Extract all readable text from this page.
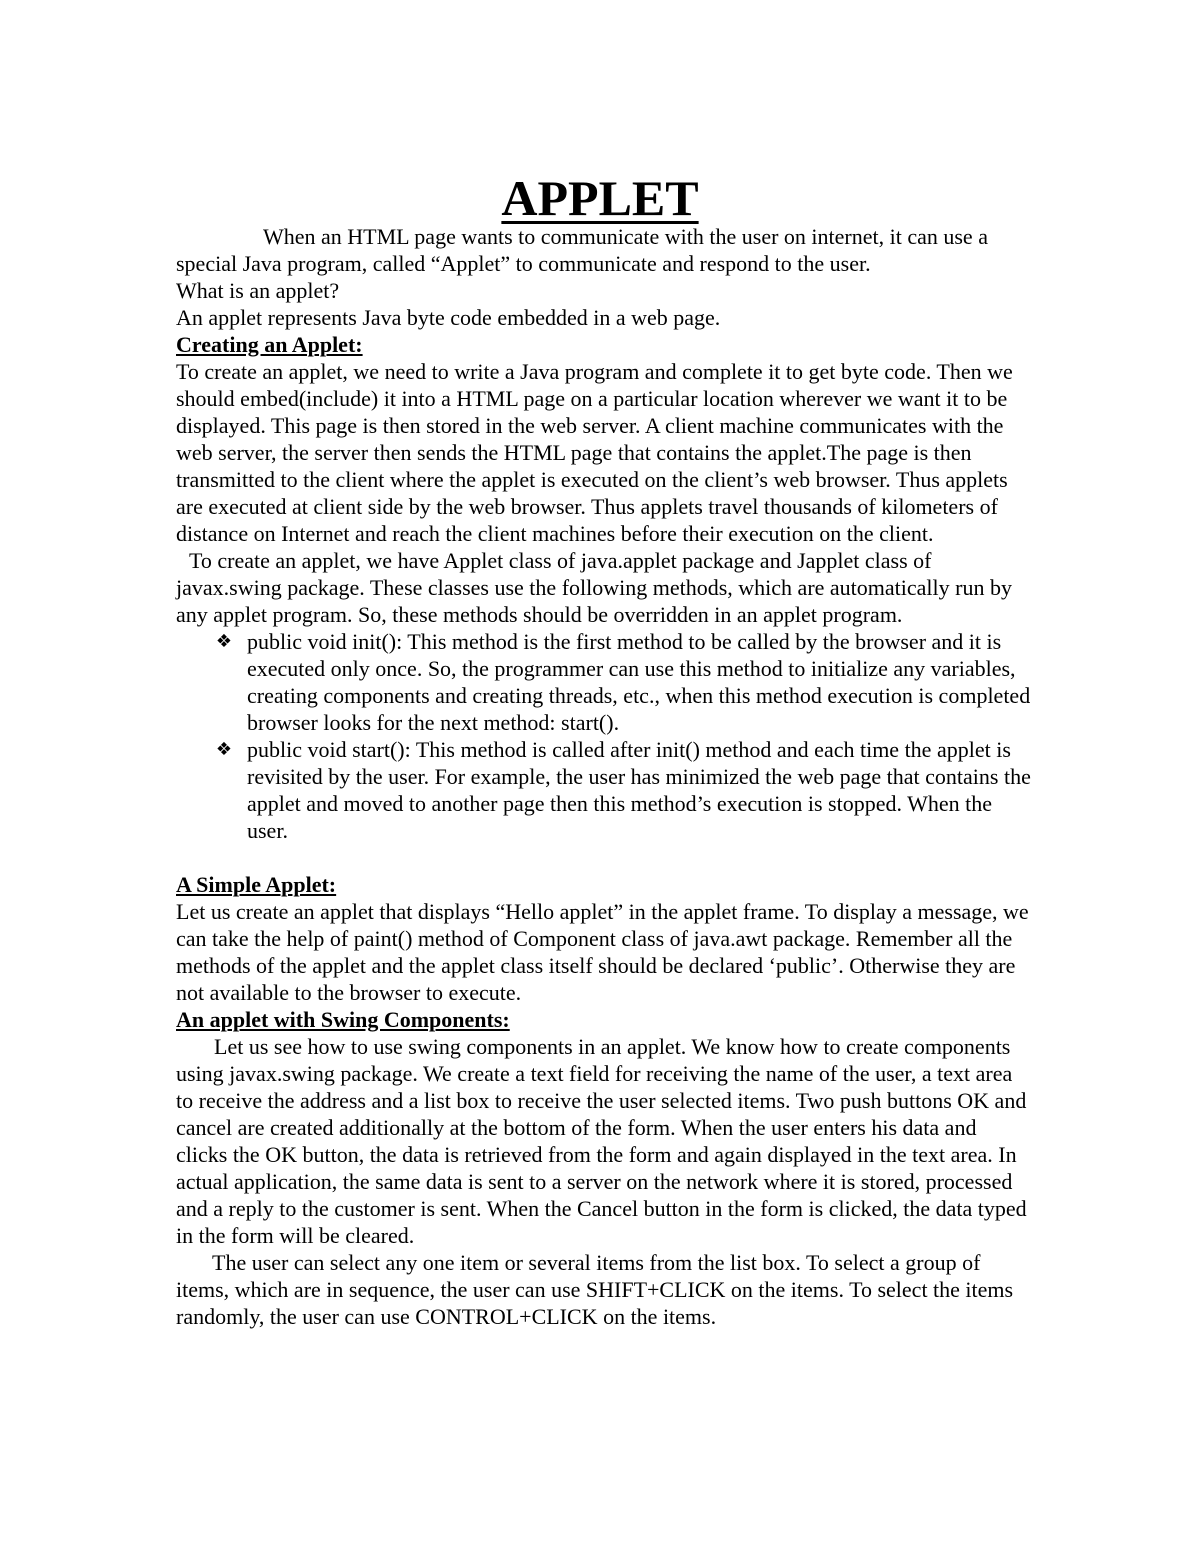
APPLET

When an HTML page wants to communicate with the user on internet, it can use a special Java program, called “Applet” to communicate and respond to the user.

What is an applet?

An applet represents Java byte code embedded in a web page.

Creating an Applet:

To create an applet, we need to write a Java program and complete it to get byte code. Then we should embed(include) it into a HTML page on a particular location wherever we want it to be displayed. This page is then stored in the web server. A client machine communicates with the web server, the server then sends the HTML page that contains the applet.The page is then transmitted to the client where the applet is executed on the client’s web browser. Thus applets are executed at client side by the web browser. Thus applets travel thousands of kilometers of distance on Internet and reach the client machines before their execution on the client.

To create an applet, we have Applet class of java.applet package and Japplet class of javax.swing package. These classes use the following methods, which are automatically run by any applet program. So, these methods should be overridden in an applet program.

❖ public void init(): This method is the first method to be called by the browser and it is executed only once. So, the programmer can use this method to initialize any variables, creating components and creating threads, etc., when this method execution is completed browser looks for the next method: start().
❖ public void start(): This method is called after init() method and each time the applet is revisited by the user. For example, the user has minimized the web page that contains the applet and moved to another page then this method’s execution is stopped. When the user.

A Simple Applet:

Let us create an applet that displays “Hello applet” in the applet frame. To display a message, we can take the help of paint() method of Component class of java.awt package. Remember all the methods of the applet and the applet class itself should be declared ‘public’. Otherwise they are not available to the browser to execute.

An applet with Swing Components:

Let us see how to use swing components in an applet. We know how to create components using javax.swing package. We create a text field for receiving the name of the user, a text area to receive the address and a list box to receive the user selected items. Two push buttons OK and cancel are created additionally at the bottom of the form. When the user enters his data and clicks the OK button, the data is retrieved from the form and again displayed in the text area. In actual application, the same data is sent to a server on the network where it is stored, processed and a reply to the customer is sent. When the Cancel button in the form is clicked, the data typed in the form will be cleared.

The user can select any one item or several items from the list box. To select a group of items, which are in sequence, the user can use SHIFT+CLICK on the items. To select the items randomly, the user can use CONTROL+CLICK on the items.
